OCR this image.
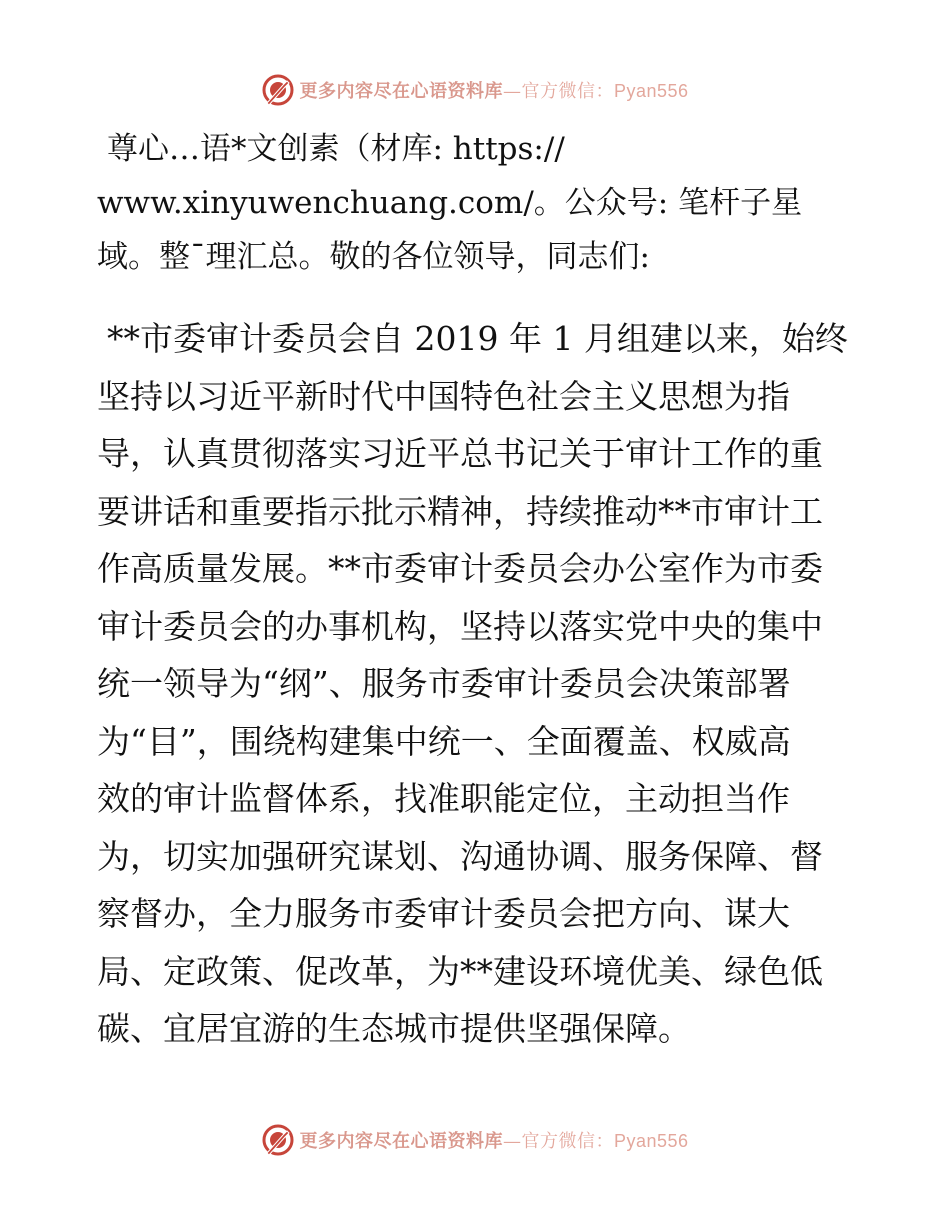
更多内容尽在心语资料库—官方微信：Pyan556

尊心…语*文创素（材库: https://

www.xinyuwenchuang.com/。公众号: 笔杆子星

域。整¯理汇总。敬的各位领导，同志们:

**市委审计委员会自 2019 年 1 月组建以来，始终

坚持以习近平新时代中国特色社会主义思想为指

导，认真贯彻落实习近平总书记关于审计工作的重

要讲话和重要指示批示精神，持续推动**市审计工

作高质量发展。**市委审计委员会办公室作为市委

审计委员会的办事机构，坚持以落实党中央的集中

统一领导为“纲”、服务市委审计委员会决策部署

为“目”，围绕构建集中统一、全面覆盖、权威高

效的审计监督体系，找准职能定位，主动担当作

为，切实加强研究谋划、沟通协调、服务保障、督

察督办，全力服务市委审计委员会把方向、谋大

局、定政策、促改革，为**建设环境优美、绿色低

碳、宜居宜游的生态城市提供坚强保障。

更多内容尽在心语资料库—官方微信：Pyan556
